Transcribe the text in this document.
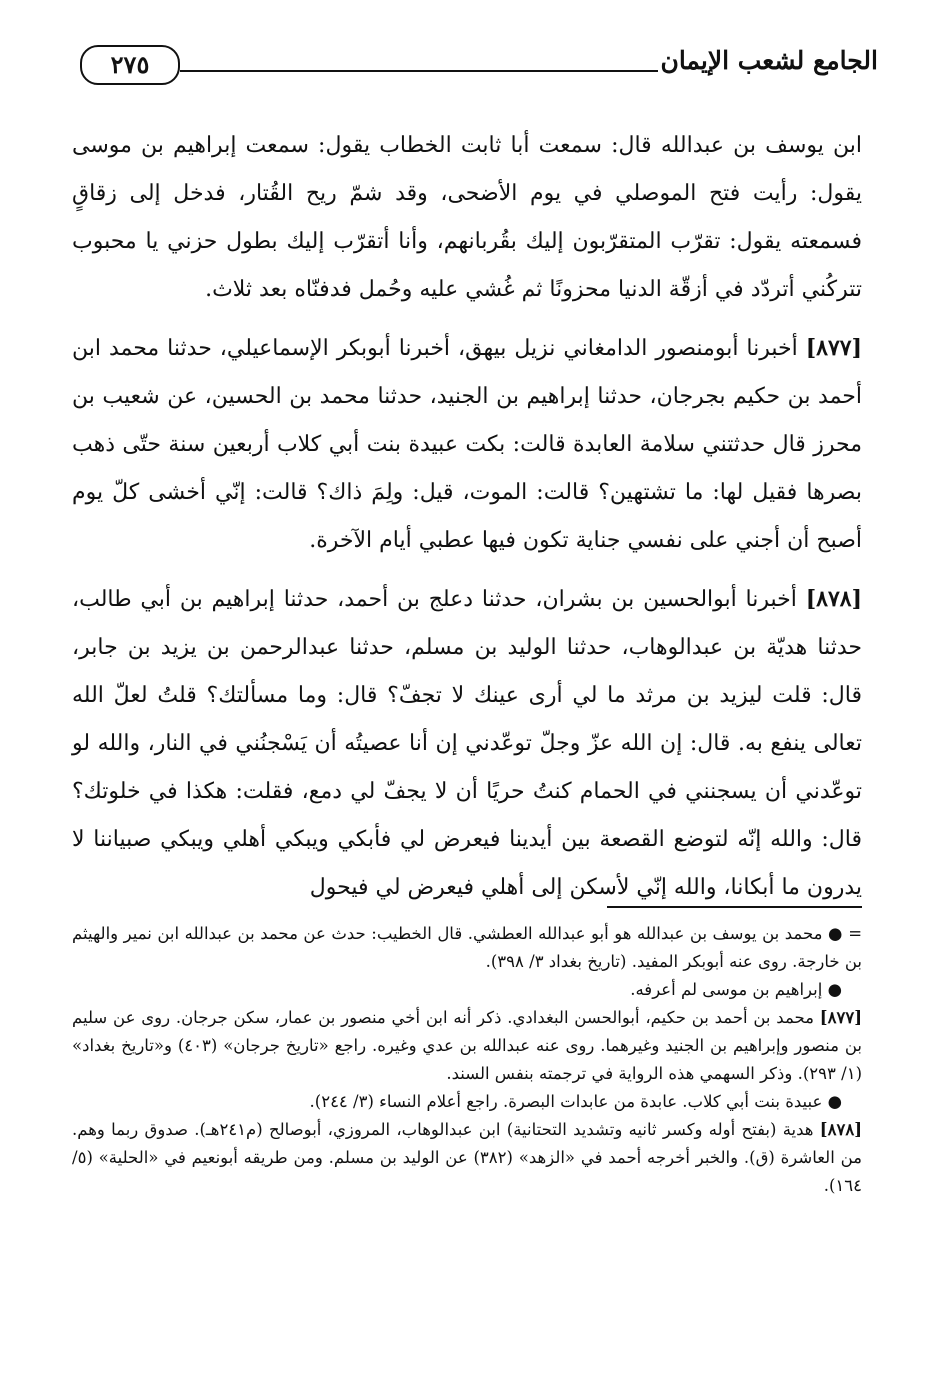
الجامع لشعب الإيمان
٢٧٥

ابن يوسف بن عبدالله قال: سمعت أبا ثابت الخطاب يقول: سمعت إبراهيم بن موسى يقول: رأيت فتح الموصلي في يوم الأضحى، وقد شمّ ريح القُتار، فدخل إلى زقاقٍ فسمعته يقول: تقرّب المتقرّبون إليك بقُربانهم، وأنا أتقرّب إليك بطول حزني يا محبوب تتركُني أتردّد في أزقّة الدنيا محزونًا ثم غُشي عليه وحُمل فدفنّاه بعد ثلاث.

[٨٧٧] أخبرنا أبومنصور الدامغاني نزيل بيهق، أخبرنا أبوبكر الإسماعيلي، حدثنا محمد ابن أحمد بن حكيم بجرجان، حدثنا إبراهيم بن الجنيد، حدثنا محمد بن الحسين، عن شعيب بن محرز قال حدثتني سلامة العابدة قالت: بكت عبيدة بنت أبي كلاب أربعين سنة حتّى ذهب بصرها فقيل لها: ما تشتهين؟ قالت: الموت، قيل: ولِمَ ذاك؟ قالت: إنّي أخشى كلّ يوم أصبح أن أجني على نفسي جناية تكون فيها عطبي أيام الآخرة.

[٨٧٨] أخبرنا أبوالحسين بن بشران، حدثنا دعلج بن أحمد، حدثنا إبراهيم بن أبي طالب، حدثنا هديّة بن عبدالوهاب، حدثنا الوليد بن مسلم، حدثنا عبدالرحمن بن يزيد بن جابر، قال: قلت ليزيد بن مرثد ما لي أرى عينك لا تجفّ؟ قال: وما مسألتك؟ قلتُ لعلّ الله تعالى ينفع به. قال: إن الله عزّ وجلّ توعّدني إن أنا عصيتُه أن يَسْجنُني في النار، والله لو توعّدني أن يسجنني في الحمام كنتُ حريًا أن لا يجفّ لي دمع، فقلت: هكذا في خلوتك؟ قال: والله إنّه لتوضع القصعة بين أيدينا فيعرض لي فأبكي ويبكي أهلي ويبكي صبياننا لا يدرون ما أبكانا، والله إنّي لأسكن إلى أهلي فيعرض لي فيحول

= ● محمد بن يوسف بن عبدالله هو أبو عبدالله العطشي. قال الخطيب: حدث عن محمد بن عبدالله ابن نمير والهيثم بن خارجة. روى عنه أبوبكر المفيد. (تاريخ بغداد ٣/ ٣٩٨).

● إبراهيم بن موسى لم أعرفه.

[٨٧٧] محمد بن أحمد بن حكيم، أبوالحسن البغدادي. ذكر أنه ابن أخي منصور بن عمار، سكن جرجان. روى عن سليم بن منصور وإبراهيم بن الجنيد وغيرهما. روى عنه عبدالله بن عدي وغيره. راجع «تاريخ جرجان» (٤٠٣) و«تاريخ بغداد» (١/ ٢٩٣). وذكر السهمي هذه الرواية في ترجمته بنفس السند.

● عبيدة بنت أبي كلاب. عابدة من عابدات البصرة. راجع أعلام النساء (٣/ ٢٤٤).

[٨٧٨] هدية (بفتح أوله وكسر ثانيه وتشديد التحتانية) ابن عبدالوهاب، المروزي، أبوصالح (م٢٤١هـ). صدوق ربما وهم. من العاشرة (ق). والخبر أخرجه أحمد في «الزهد» (٣٨٢) عن الوليد بن مسلم. ومن طريقه أبونعيم في «الحلية» (٥/ ١٦٤).
